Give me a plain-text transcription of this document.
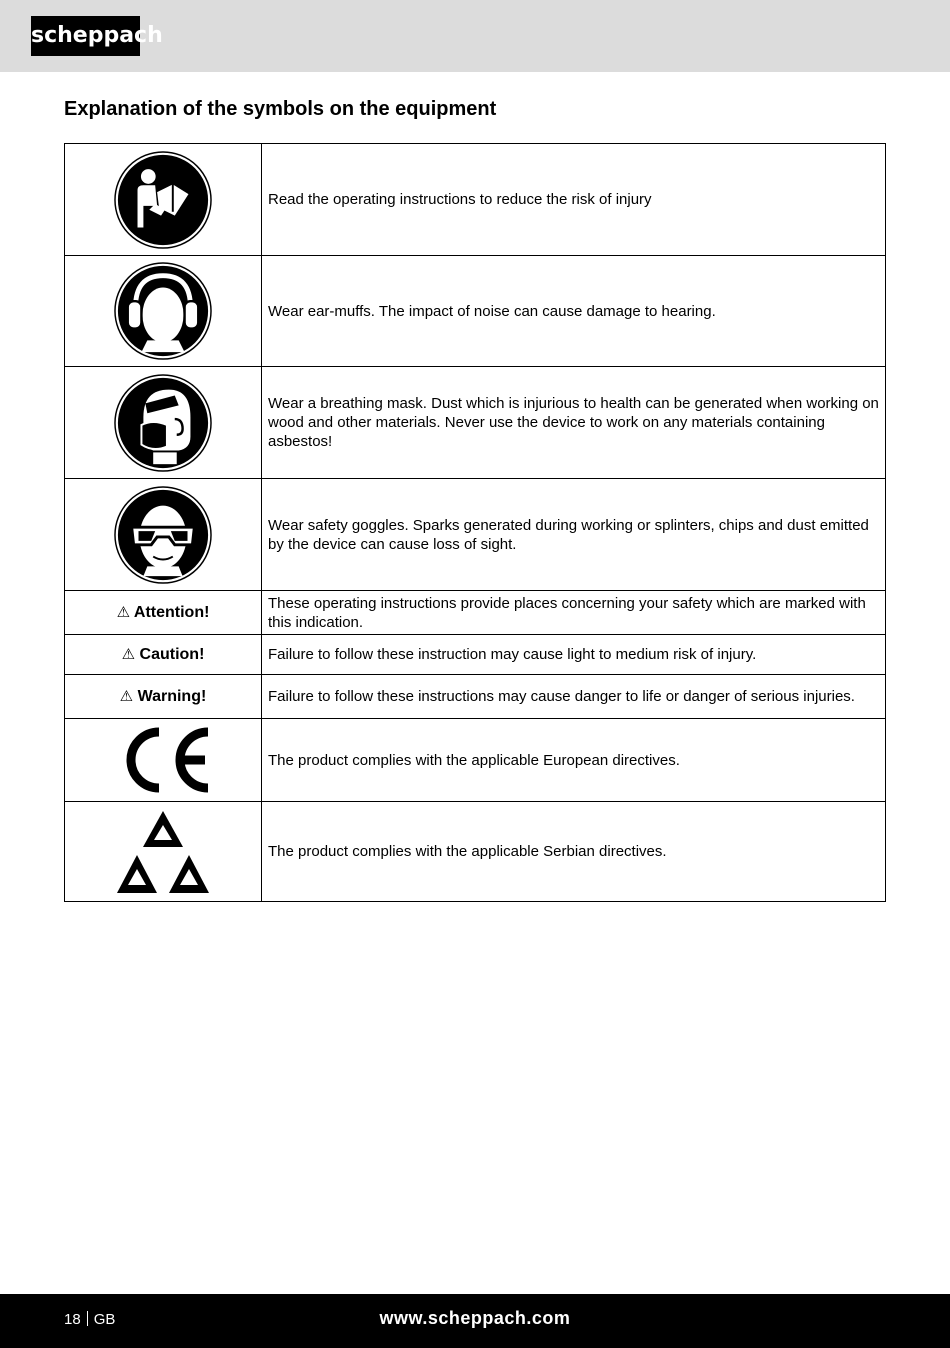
scheppach
Explanation of the symbols on the equipment
	Read the operating instructions to reduce the risk of injury

	Wear ear-muffs. The impact of noise can cause damage to hearing.

	Wear a breathing mask. Dust which is injurious to health can be generated when working on wood and other materials. Never use the device to work on any materials containing asbestos!

	Wear safety goggles. Sparks generated during working or splinters, chips and dust emitted by the device can cause loss of sight.
⚠ Attention!	These operating instructions provide places concerning your safety which are marked with this indication.
⚠ Caution!	Failure to follow these instruction may cause light to medium risk of injury.
⚠ Warning!	Failure to follow these instructions may cause danger to life or danger of serious injuries.

	The product complies with the applicable European directives.

	The product complies with the applicable Serbian directives.
18 GB	www.scheppach.com
